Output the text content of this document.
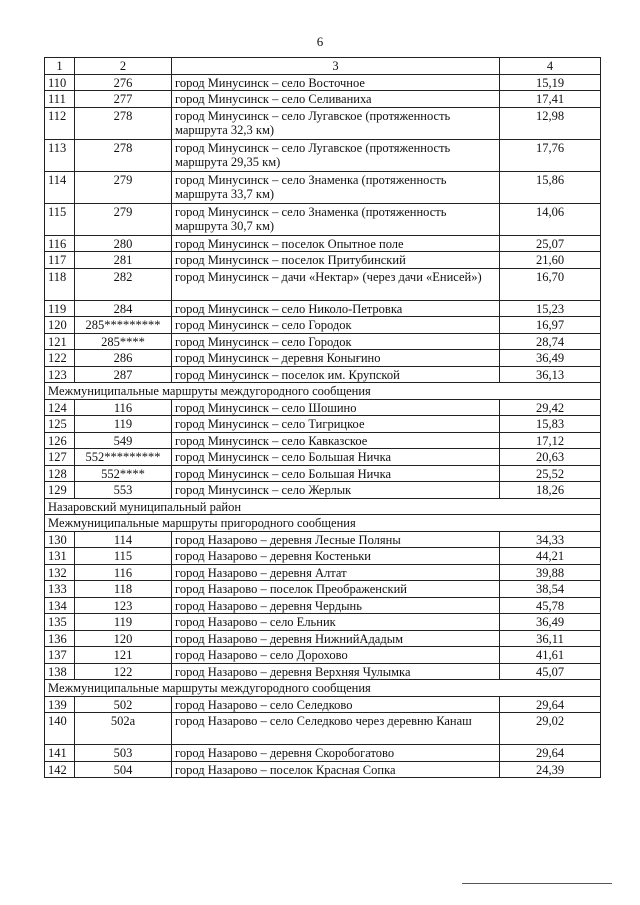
6
1	2	3	4
110	276	город Минусинск – село Восточное	15,19
111	277	город Минусинск – село Селиваниха	17,41
112	278	город Минусинск – село Лугавское (протяженность маршрута 32,3 км)	12,98
113	278	город Минусинск – село Лугавское (протяженность маршрута 29,35 км)	17,76
114	279	город Минусинск – село Знаменка (протяженность маршрута 33,7 км)	15,86
115	279	город Минусинск – село Знаменка (протяженность маршрута 30,7 км)	14,06
116	280	город Минусинск – поселок Опытное поле	25,07
117	281	город Минусинск – поселок Притубинский	21,60
118	282	город Минусинск – дачи «Нектар» (через дачи «Енисей»)	16,70
119	284	город Минусинск – село Николо-Петровка	15,23
120	285*********	город Минусинск – село Городок	16,97
121	285****	город Минусинск – село Городок	28,74
122	286	город Минусинск – деревня Конығино	36,49
123	287	город Минусинск – поселок им. Крупской	36,13
Межмуниципальные маршруты междугородного сообщения			
124	116	город Минусинск – село Шошино	29,42
125	119	город Минусинск – село Тигрицкое	15,83
126	549	город Минусинск – село Кавказское	17,12
127	552*********	город Минусинск – село Большая Ничка	20,63
128	552****	город Минусинск – село Большая Ничка	25,52
129	553	город Минусинск – село Жерлык	18,26
Назаровский муниципальный район			
Межмуниципальные маршруты пригородного сообщения			
130	114	город Назарово – деревня Лесные Поляны	34,33
131	115	город Назарово – деревня Костеньки	44,21
132	116	город Назарово – деревня Алтат	39,88
133	118	город Назарово – поселок Преображенский	38,54
134	123	город Назарово – деревня Чердынь	45,78
135	119	город Назарово – село Ельник	36,49
136	120	город Назарово – деревня НижнийАдадым	36,11
137	121	город Назарово – село Дорохово	41,61
138	122	город Назарово – деревня Верхняя Чулымка	45,07
Межмуниципальные маршруты междугородного сообщения			
139	502	город Назарово – село Селедково	29,64
140	502а	город Назарово – село Селедково через деревню Канаш	29,02
141	503	город Назарово – деревня Скоробогатово	29,64
142	504	город Назарово – поселок Красная Сопка	24,39
